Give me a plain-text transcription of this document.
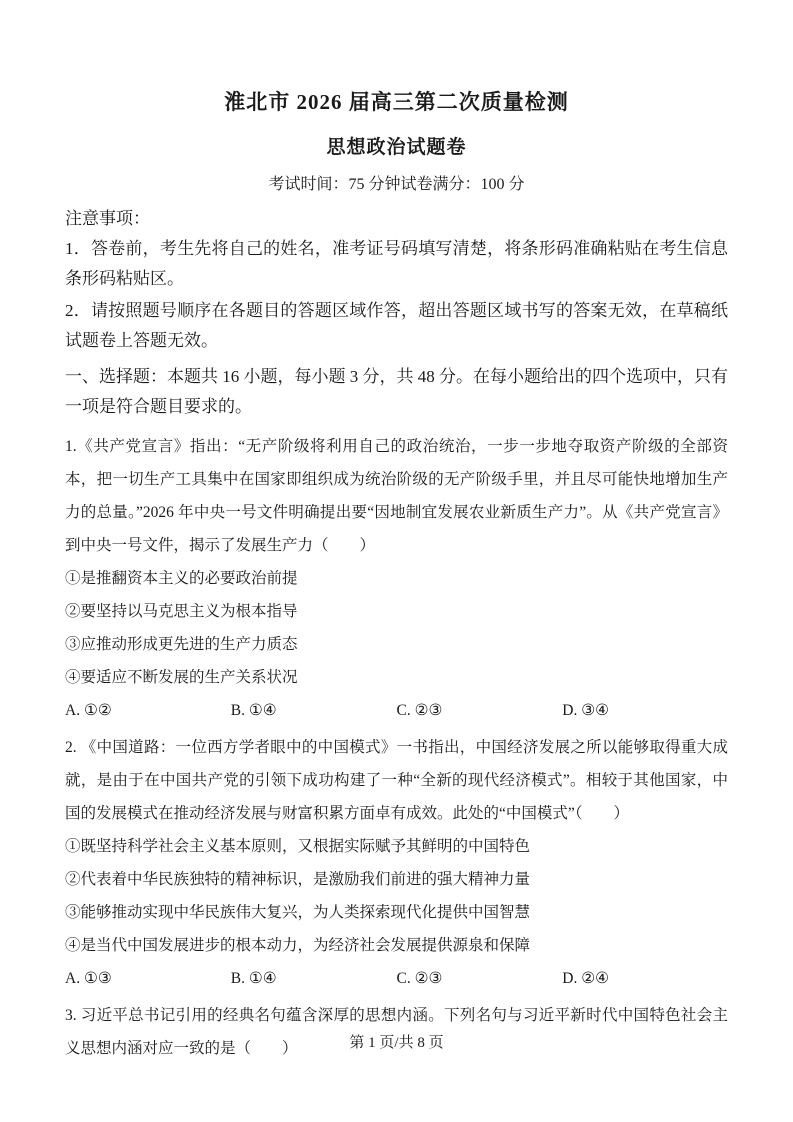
淮北市 2026 届高三第二次质量检测
思想政治试题卷
考试时间：75 分钟试卷满分：100 分
注意事项：

1．答卷前，考生先将自己的姓名，准考证号码填写清楚，将条形码准确粘贴在考生信息条形码粘贴区。

2．请按照题号顺序在各题目的答题区域作答，超出答题区域书写的答案无效，在草稿纸试题卷上答题无效。

一、选择题：本题共 16 小题，每小题 3 分，共 48 分。在每小题给出的四个选项中，只有一项是符合题目要求的。

1.《共产党宣言》指出：“无产阶级将利用自己的政治统治，一步一步地夺取资产阶级的全部资本，把一切生产工具集中在国家即组织成为统治阶级的无产阶级手里，并且尽可能快地增加生产力的总量。”2026 年中央一号文件明确提出要“因地制宜发展农业新质生产力”。从《共产党宣言》到中央一号文件，揭示了发展生产力（　　）

①是推翻资本主义的必要政治前提

②要坚持以马克思主义为根本指导

③应推动形成更先进的生产力质态

④要适应不断发展的生产关系状况

A. ①②	B. ①④	C. ②③	D. ③④

2. 《中国道路：一位西方学者眼中的中国模式》一书指出，中国经济发展之所以能够取得重大成就，是由于在中国共产党的引领下成功构建了一种“全新的现代经济模式”。相较于其他国家，中国的发展模式在推动经济发展与财富积累方面卓有成效。此处的“中国模式”（　　）

①既坚持科学社会主义基本原则，又根据实际赋予其鲜明的中国特色

②代表着中华民族独特的精神标识，是激励我们前进的强大精神力量

③能够推动实现中华民族伟大复兴，为人类探索现代化提供中国智慧

④是当代中国发展进步的根本动力，为经济社会发展提供源泉和保障

A. ①③	B. ①④	C. ②③	D. ②④

3. 习近平总书记引用的经典名句蕴含深厚的思想内涵。下列名句与习近平新时代中国特色社会主义思想内涵对应一致的是（　　）	第 1 页/共 8 页
